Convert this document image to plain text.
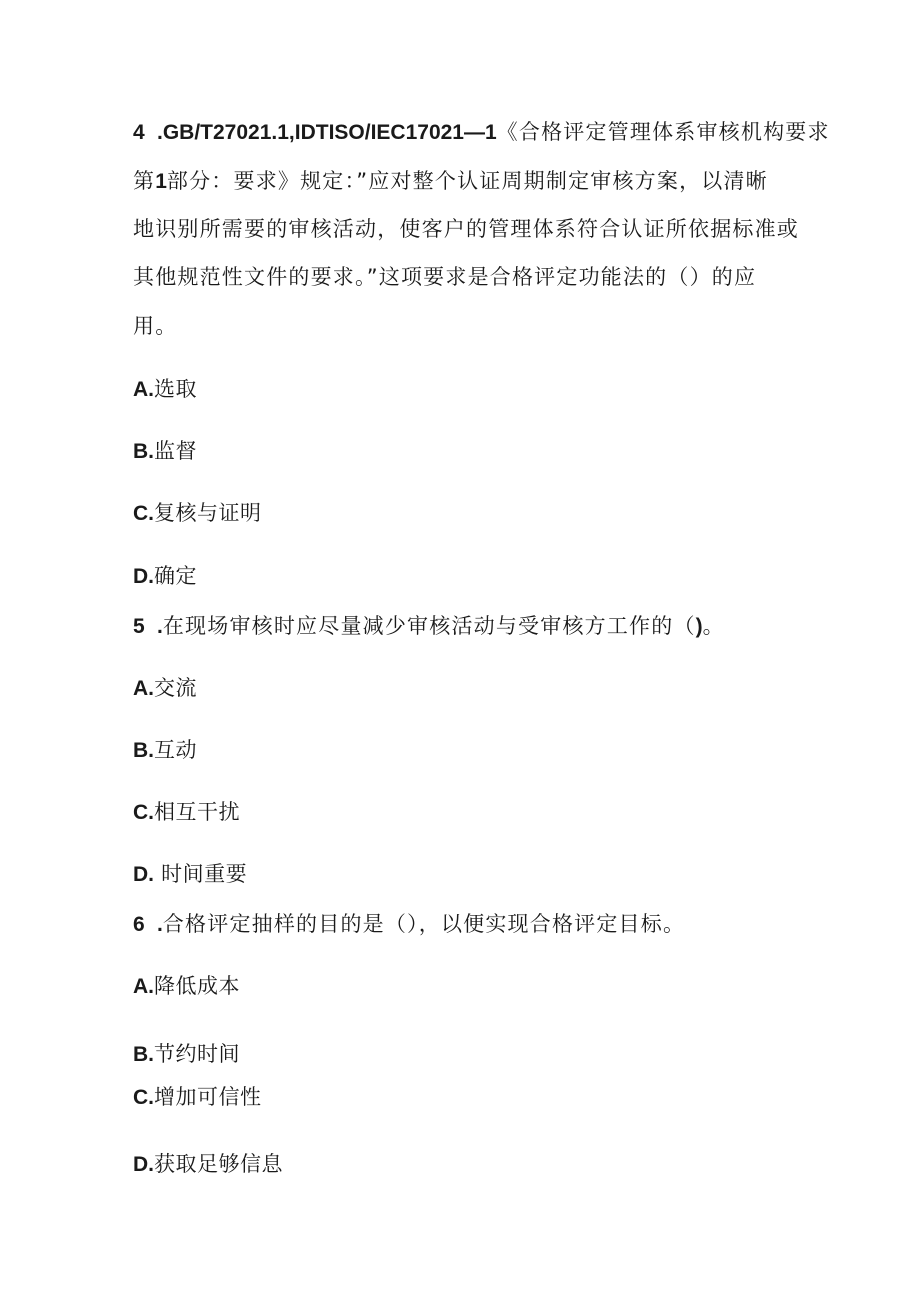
4 .GB/T27021.1,IDTISO/IEC17021—1《合格评定管理体系审核机构要求
第1部分：要求》规定：”应对整个认证周期制定审核方案，以清晰
地识别所需要的审核活动，使客户的管理体系符合认证所依据标准或
其他规范性文件的要求。”这项要求是合格评定功能法的（）的应
用。
A.选取
B.监督
C.复核与证明
D.确定
5 .在现场审核时应尽量减少审核活动与受审核方工作的（)。
A.交流
B.互动
C.相互干扰
D. 时间重要
6 .合格评定抽样的目的是（），以便实现合格评定目标。
A.降低成本
B.节约时间
C.增加可信性
D.获取足够信息
